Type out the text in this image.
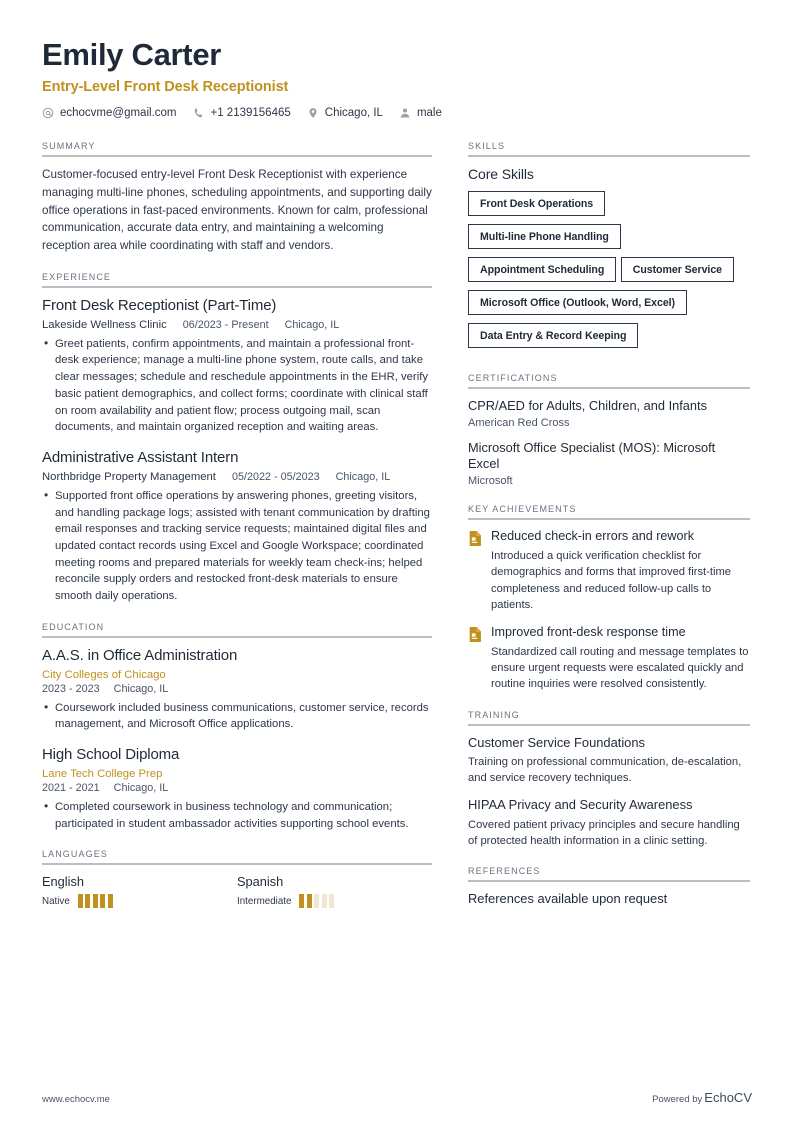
Emily Carter
Entry-Level Front Desk Receptionist
echocvme@gmail.com	+1 2139156465	Chicago, IL	male
SUMMARY
Customer-focused entry-level Front Desk Receptionist with experience managing multi-line phones, scheduling appointments, and supporting daily office operations in fast-paced environments. Known for calm, professional communication, accurate data entry, and maintaining a welcoming reception area while coordinating with staff and vendors.
EXPERIENCE
Front Desk Receptionist (Part-Time)
Lakeside Wellness Clinic 06/2023 - Present Chicago, IL
• Greet patients, confirm appointments, and maintain a professional front-desk experience; manage a multi-line phone system, route calls, and take clear messages; schedule and reschedule appointments in the EHR, verify basic patient demographics, and collect forms; coordinate with clinical staff on room availability and patient flow; process outgoing mail, scan documents, and maintain organized reception and waiting areas.
Administrative Assistant Intern
Northbridge Property Management 05/2022 - 05/2023 Chicago, IL
• Supported front office operations by answering phones, greeting visitors, and handling package logs; assisted with tenant communication by drafting email responses and tracking service requests; maintained digital files and updated contact records using Excel and Google Workspace; coordinated meeting rooms and prepared materials for weekly team check-ins; helped reconcile supply orders and restocked front-desk materials to ensure smooth daily operations.
EDUCATION
A.A.S. in Office Administration
City Colleges of Chicago
2023 - 2023 Chicago, IL
• Coursework included business communications, customer service, records management, and Microsoft Office applications.
High School Diploma
Lane Tech College Prep
2021 - 2021 Chicago, IL
• Completed coursework in business technology and communication; participated in student ambassador activities supporting school events.
LANGUAGES
English
Native
Spanish
Intermediate
SKILLS
Core Skills
Front Desk Operations Multi-line Phone Handling Appointment Scheduling	Customer Service Microsoft Office (Outlook, Word, Excel) Data Entry & Record Keeping
CERTIFICATIONS
CPR/AED for Adults, Children, and Infants
American Red Cross
Microsoft Office Specialist (MOS): Microsoft Excel
Microsoft
KEY ACHIEVEMENTS
Reduced check-in errors and rework
Introduced a quick verification checklist for demographics and forms that improved first-time completeness and reduced follow-up calls to patients.
Improved front-desk response time
Standardized call routing and message templates to ensure urgent requests were escalated quickly and routine inquiries were resolved consistently.
TRAINING
Customer Service Foundations
Training on professional communication, de-escalation, and service recovery techniques.
HIPAA Privacy and Security Awareness
Covered patient privacy principles and secure handling of protected health information in a clinic setting.
REFERENCES
References available upon request
www.echocv.me	Powered by EchoCV
